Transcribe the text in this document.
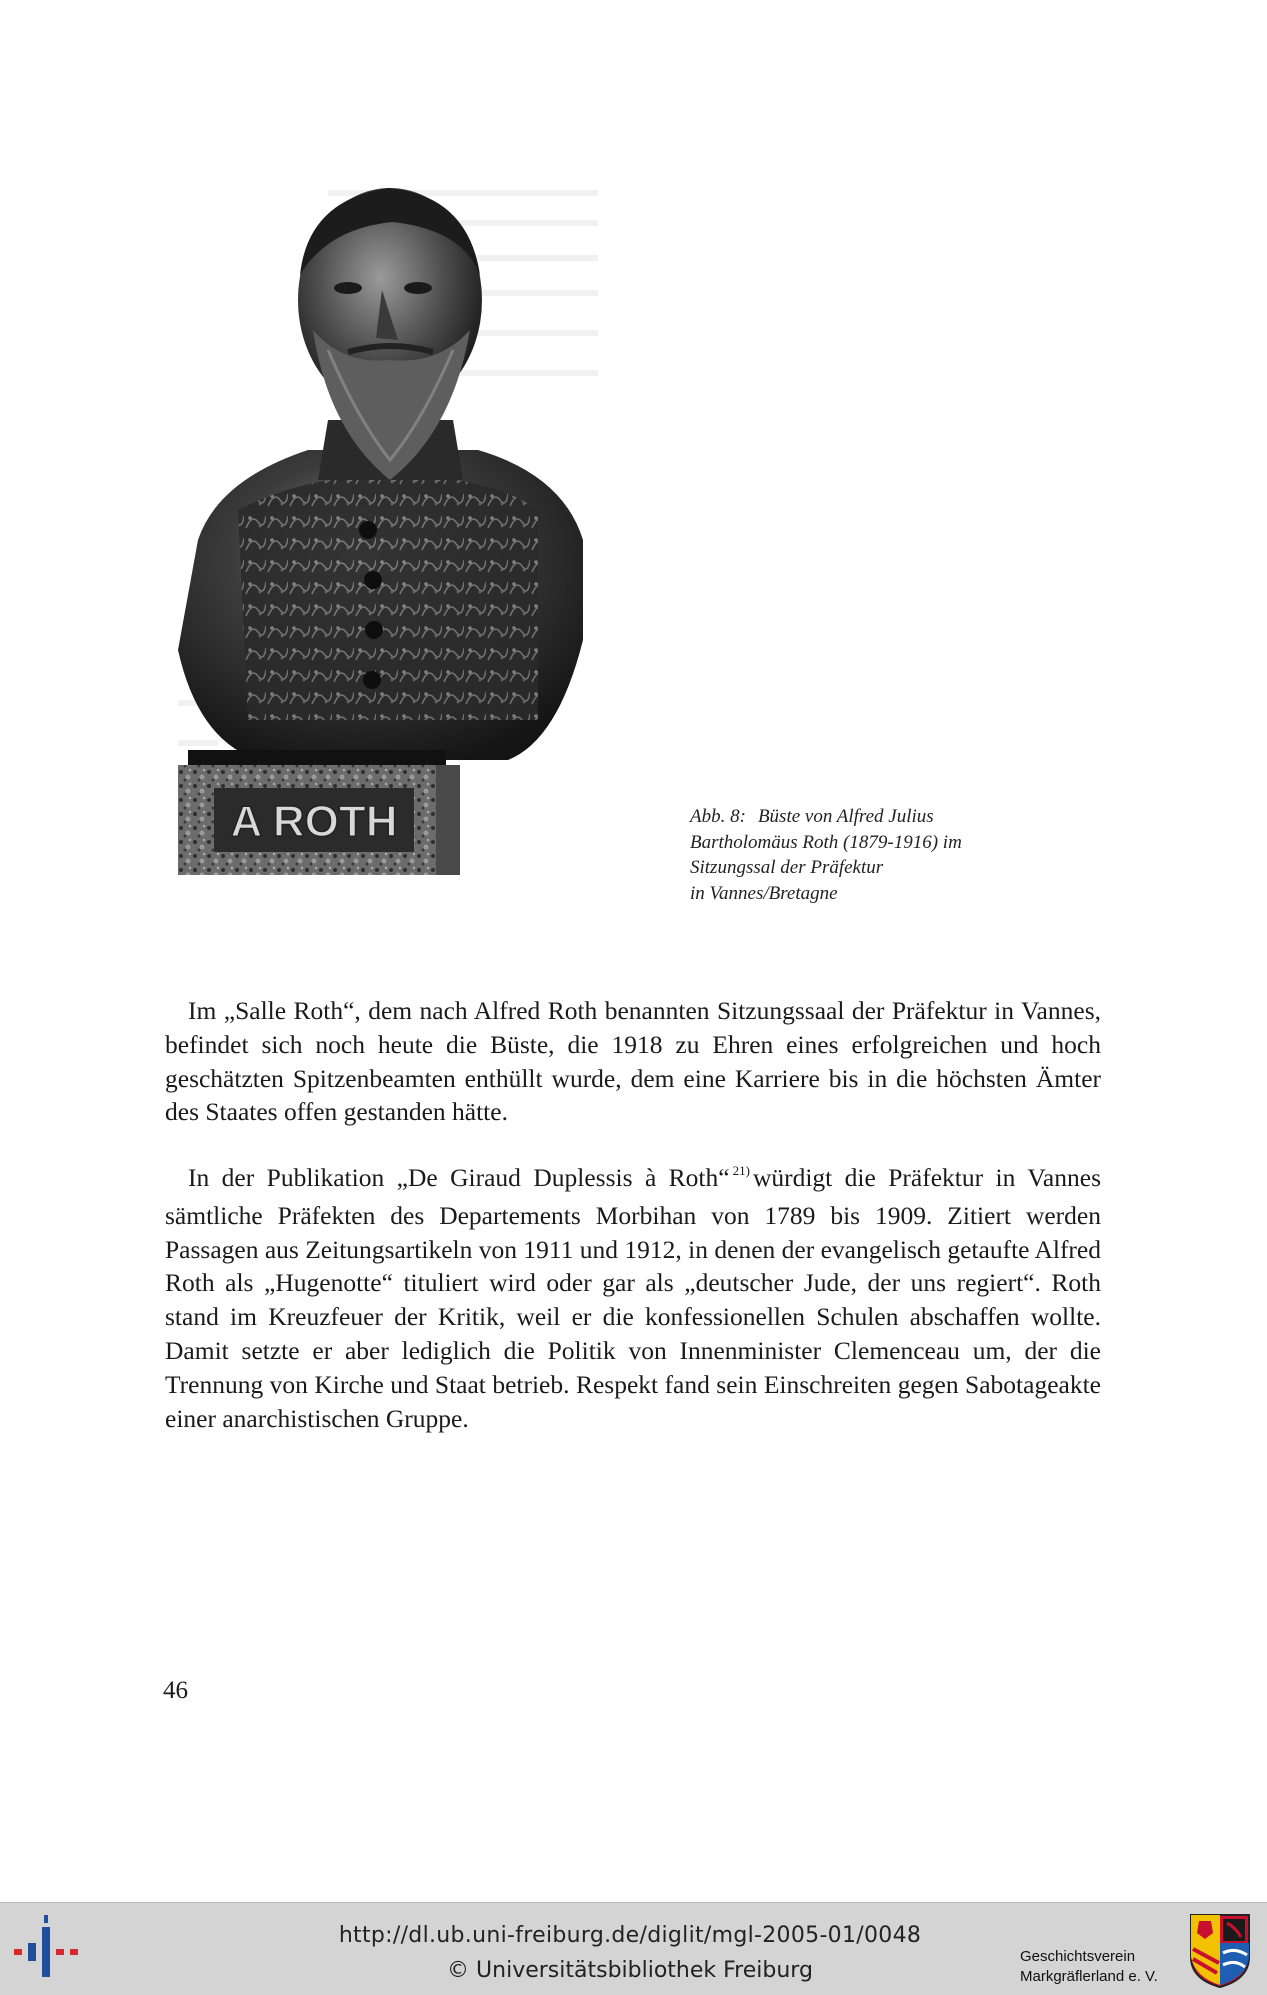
A ROTH	Abb. 8: Büste von Alfred Julius
Bartholomäus Roth (1879-1916) im
Sitzungssal der Präfektur
in Vannes/Bretagne

Im „Salle Roth“, dem nach Alfred Roth benannten Sitzungssaal der Präfektur in Vannes, befindet sich noch heute die Büste, die 1918 zu Ehren eines erfolgreichen und hoch geschätzten Spitzenbeamten enthüllt wurde, dem eine Karriere bis in die höchsten Ämter des Staates offen gestanden hätte.

In der Publikation „De Giraud Duplessis à Roth“ $^{21)}$ würdigt die Präfektur in Vannes sämtliche Präfekten des Departements Morbihan von 1789 bis 1909. Zitiert werden Passagen aus Zeitungsartikeln von 1911 und 1912, in denen der evangelisch getaufte Alfred Roth als „Hugenotte“ tituliert wird oder gar als „deutscher Jude, der uns regiert“. Roth stand im Kreuzfeuer der Kritik, weil er die konfessionellen Schulen abschaffen wollte. Damit setzte er aber lediglich die Politik von Innenminister Clemenceau um, der die Trennung von Kirche und Staat betrieb. Respekt fand sein Einschreiten gegen Sabotageakte einer anarchistischen Gruppe.

46
http://dl.ub.uni-freiburg.de/diglit/mgl-2005-01/0048
© Universitätsbibliothek Freiburg
Geschichtsverein
Markgräflerland e. V.
